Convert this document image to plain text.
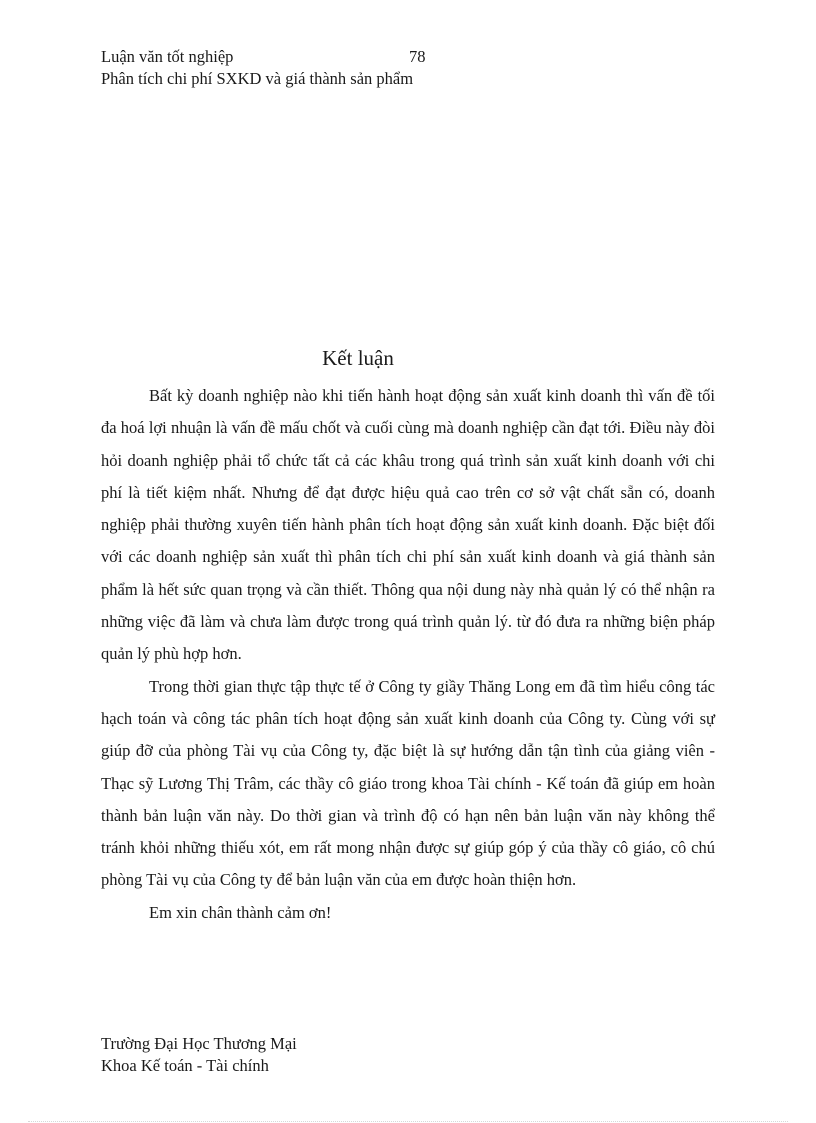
Luận văn tốt nghiệp	78
Phân tích chi phí SXKD và giá thành sản phẩm
Kết luận

Bất kỳ doanh nghiệp nào khi tiến hành hoạt động sản xuất kinh doanh thì vấn đề tối đa hoá lợi nhuận là vấn đề mấu chốt và cuối cùng mà doanh nghiệp cần đạt tới. Điều này đòi hỏi doanh nghiệp phải tổ chức tất cả các khâu trong quá trình sản xuất kinh doanh với chi phí là tiết kiệm nhất. Nhưng để đạt được hiệu quả cao trên cơ sở vật chất sẵn có, doanh nghiệp phải thường xuyên tiến hành phân tích hoạt động sản xuất kinh doanh. Đặc biệt đối với các doanh nghiệp sản xuất thì phân tích chi phí sản xuất kinh doanh và giá thành sản phẩm là hết sức quan trọng và cần thiết. Thông qua nội dung này nhà quản lý có thể nhận ra những việc đã làm và chưa làm được trong quá trình quản lý. từ đó đưa ra những biện pháp quản lý phù hợp hơn.

Trong thời gian thực tập thực tế ở Công ty giầy Thăng Long em đã tìm hiểu công tác hạch toán và công tác phân tích hoạt động sản xuất kinh doanh của Công ty. Cùng với sự giúp đỡ của phòng Tài vụ của Công ty, đặc biệt là sự hướng dẫn tận tình của giảng viên - Thạc sỹ Lương Thị Trâm, các thầy cô giáo trong khoa Tài chính - Kế toán đã giúp em hoàn thành bản luận văn này. Do thời gian và trình độ có hạn nên bản luận văn này không thể tránh khỏi những thiếu xót, em rất mong nhận được sự giúp góp ý của thầy cô giáo, cô chú phòng Tài vụ của Công ty để bản luận văn của em được hoàn thiện hơn.

Em xin chân thành cảm ơn!

Trường Đại Học Thương Mại
Khoa Kế toán - Tài chính
